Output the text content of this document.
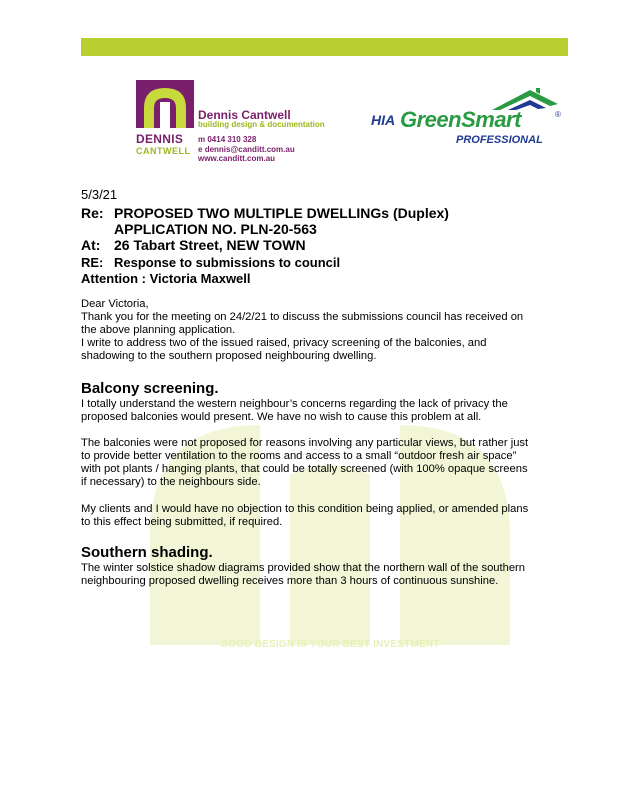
GOOD DESIGN IS YOUR BEST INVESTMENT
DENNIS
CANTWELL
Dennis Cantwell
building design & documentation
m 0414 310 328
e dennis@canditt.com.au
www.canditt.com.au
HIA GreenSmart	®
PROFESSIONAL
5/3/21
Re: PROPOSED TWO MULTIPLE DWELLINGs (Duplex)
APPLICATION NO. PLN-20-563
At: 26 Tabart Street, NEW TOWN
RE: Response to submissions to council
Attention : Victoria Maxwell
Dear Victoria,
Thank you for the meeting on 24/2/21 to discuss the submissions council has received on
the above planning application.
I write to address two of the issued raised, privacy screening of the balconies, and
shadowing to the southern proposed neighbouring dwelling.
Balcony screening.
I totally understand the western neighbour’s concerns regarding the lack of privacy the
proposed balconies would present. We have no wish to cause this problem at all.
The balconies were not proposed for reasons involving any particular views, but rather just
to provide better ventilation to the rooms and access to a small “outdoor fresh air space”
with pot plants / hanging plants, that could be totally screened (with 100% opaque screens
if necessary) to the neighbours side.
My clients and I would have no objection to this condition being applied, or amended plans
to this effect being submitted, if required.
Southern shading.
The winter solstice shadow diagrams provided show that the northern wall of the southern
neighbouring proposed dwelling receives more than 3 hours of continuous sunshine.
